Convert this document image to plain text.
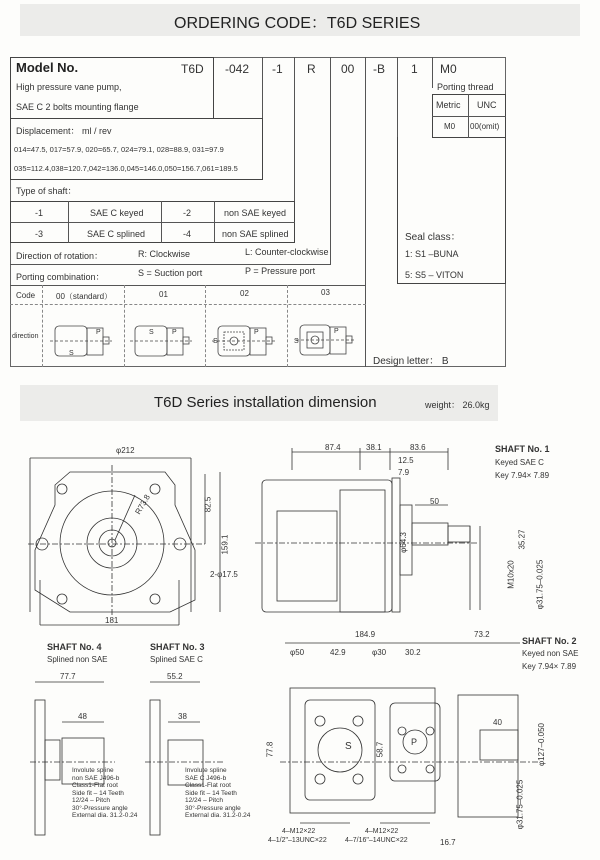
ORDERING CODE：T6D SERIES
Model No.
High pressure vane pump,
SAE C 2 bolts mounting flange
T6D -042 -1 R 00 -B 1 M0
Porting thread
Metric UNC
M0 00(omit)
Displacement： ml / rev
014=47.5, 017=57.9, 020=65.7, 024=79.1, 028=88.9, 031=97.9
035=112.4,038=120.7,042=136.0,045=146.0,050=156.7,061=189.5
Type of shaft：
-1	SAE C keyed	-2	non SAE keyed
-3	SAE C splined	-4	non SAE splined
Direction of rotation：	R: Clockwise	L: Counter-clockwise
Porting combination：	S = Suction port	P = Pressure port
Code	00（standard）	01	02	03
direction
P
S
S	P
S
P
S
P
Seal class：
1: S1 –BUNA
5: S5 – VITON
Design letter： B
T6D Series installation dimension	weight： 26.0kg
φ212
R73.8	82.5
159.1
2-φ17.5
181
87.4	38.1	83.6
12.5
7.9
50
φ64.3	35.27
M10x20 φ31.75–0.025
SHAFT No. 1
Keyed SAE C
Key 7.94× 7.89
SHAFT No. 4
Splined non SAE
77.7
48
Involute spline
non SAE J496-b
Class1-Flat root
Side fit – 14 Teeth
12/24 – Pitch
30°-Pressure angle
External dia. 31.2-0.24
SHAFT No. 3
Splined SAE C
55.2
38
Involute spline
SAE C J496-b
Class1-Flat root
Side fit – 14 Teeth
12/24 – Pitch
30°-Pressure angle
External dia. 31.2-0.24
184.9	73.2
φ50	42.9	φ30 30.2
77.8	58.7
S	P
4–M12×22
4–1/2"–13UNC×22
4–M12×22
4–7/16"–14UNC×22	16.7
SHAFT No. 2
Keyed non SAE
Key 7.94× 7.89
40
φ127–0.050
φ31.75–0.025
